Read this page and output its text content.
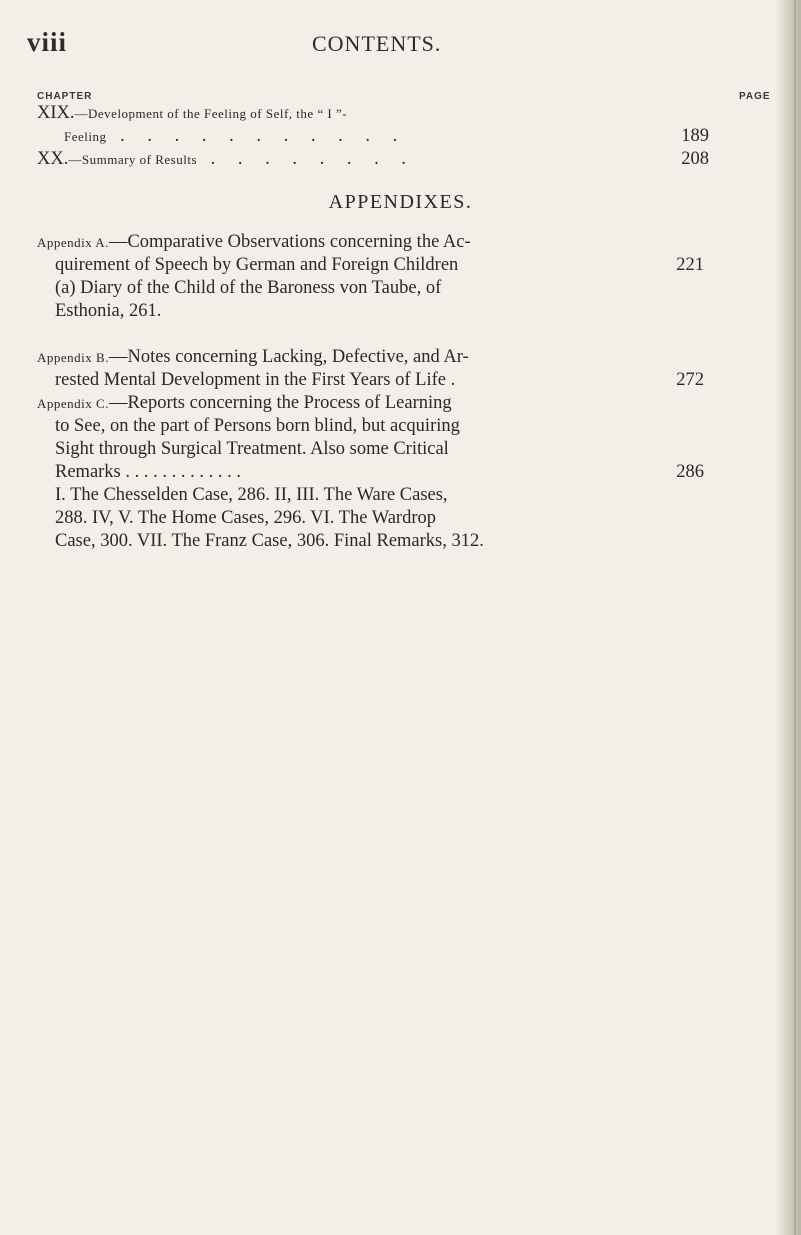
viii	CONTENTS.
CHAPTER	PAGE
XIX.—Development of the Feeling of Self, the “ I ”-
Feeling . . . . . . . . . . .	189
XX.—Summary of Results . . . . . . . .	208
APPENDIXES.
Appendix A.—Comparative Observations concerning the Ac-
quirement of Speech by German and Foreign Children	221
(a) Diary of the Child of the Baroness von Taube, of
Esthonia, 261.
Appendix B.—Notes concerning Lacking, Defective, and Ar-
rested Mental Development in the First Years of Life .	272
Appendix C.—Reports concerning the Process of Learning
to See, on the part of Persons born blind, but acquiring
Sight through Surgical Treatment. Also some Critical
Remarks . . . . . . . . . . . . .	286
I. The Chesselden Case, 286. II, III. The Ware Cases,
288. IV, V. The Home Cases, 296. VI. The Wardrop
Case, 300. VII. The Franz Case, 306. Final Remarks, 312.
